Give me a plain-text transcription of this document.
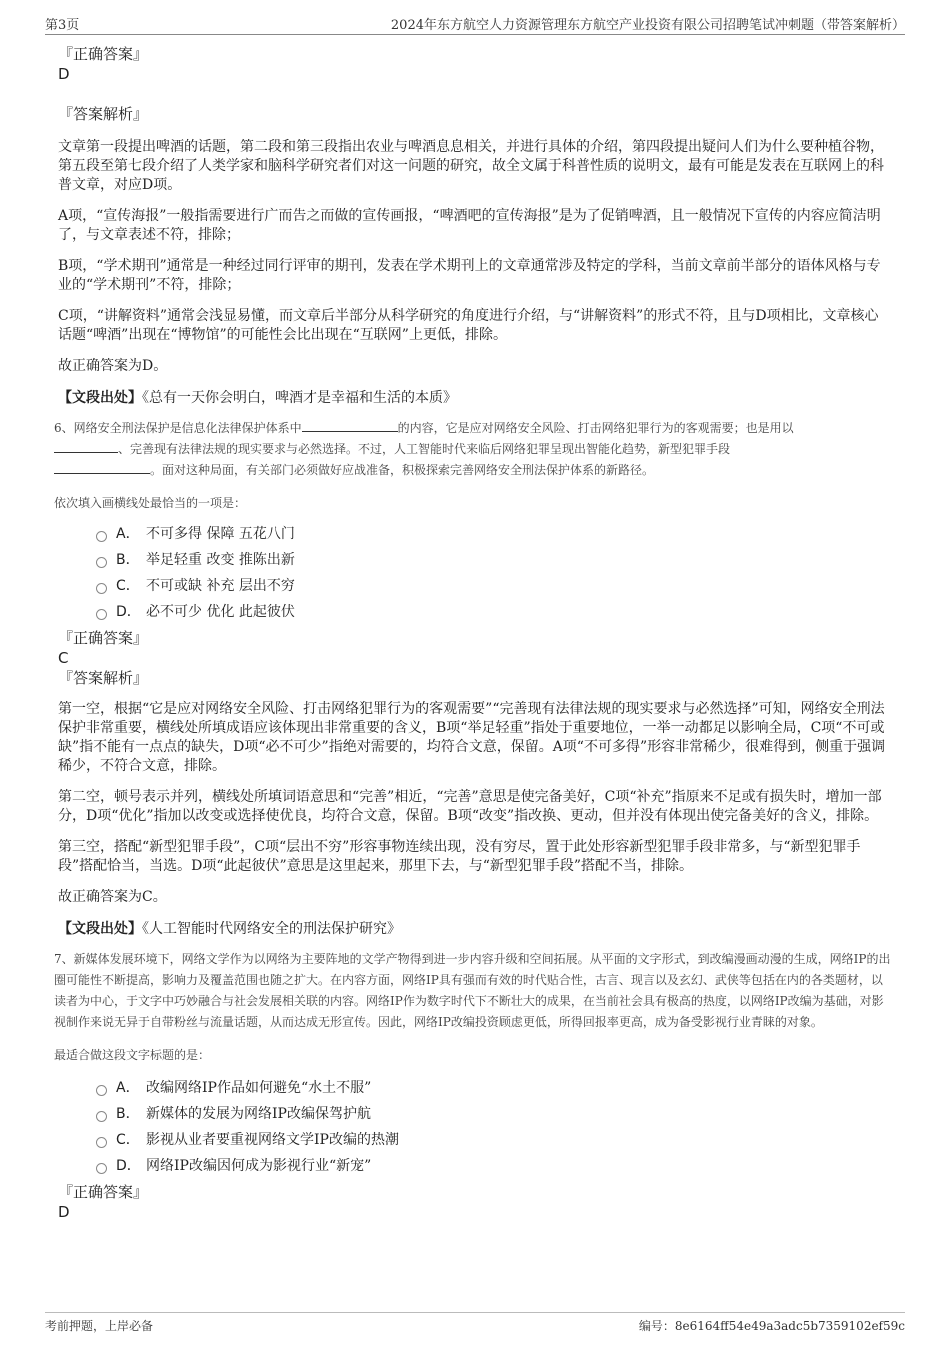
第3页	2024年东方航空人力资源管理东方航空产业投资有限公司招聘笔试冲刺题（带答案解析）
『正确答案』
D
『答案解析』

文章第一段提出啤酒的话题，第二段和第三段指出农业与啤酒息息相关，并进行具体的介绍，第四段提出疑问人们为什么要种植谷物，第五段至第七段介绍了人类学家和脑科学研究者们对这一问题的研究，故全文属于科普性质的说明文，最有可能是发表在互联网上的科普文章，对应D项。

A项，“宣传海报”一般指需要进行广而告之而做的宣传画报，“啤酒吧的宣传海报”是为了促销啤酒，且一般情况下宣传的内容应简洁明了，与文章表述不符，排除；

B项，“学术期刊”通常是一种经过同行评审的期刊，发表在学术期刊上的文章通常涉及特定的学科，当前文章前半部分的语体风格与专业的“学术期刊”不符，排除；

C项，“讲解资料”通常会浅显易懂，而文章后半部分从科学研究的角度进行介绍，与“讲解资料”的形式不符，且与D项相比，文章核心话题“啤酒”出现在“博物馆”的可能性会比出现在“互联网”上更低，排除。

故正确答案为D。

【文段出处】《总有一天你会明白，啤酒才是幸福和生活的本质》

6、网络安全刑法保护是信息化法律保护体系中	的内容，它是应对网络安全风险、打击网络犯罪行为的客观需要；也是用以
、完善现有法律法规的现实要求与必然选择。不过，人工智能时代来临后网络犯罪呈现出智能化趋势，新型犯罪手段
。面对这种局面，有关部门必须做好应战准备，积极探索完善网络安全刑法保护体系的新路径。

依次填入画横线处最恰当的一项是：

A． 不可多得 保障 五花八门
B． 举足轻重 改变 推陈出新
C． 不可或缺 补充 层出不穷
D． 必不可少 优化 此起彼伏
『正确答案』
C
『答案解析』

第一空，根据“它是应对网络安全风险、打击网络犯罪行为的客观需要”“完善现有法律法规的现实要求与必然选择”可知，网络安全刑法保护非常重要，横线处所填成语应该体现出非常重要的含义，B项“举足轻重”指处于重要地位，一举一动都足以影响全局，C项“不可或缺”指不能有一点点的缺失，D项“必不可少”指绝对需要的，均符合文意，保留。A项“不可多得”形容非常稀少，很难得到，侧重于强调稀少，不符合文意，排除。

第二空，顿号表示并列，横线处所填词语意思和“完善”相近，“完善”意思是使完备美好，C项“补充”指原来不足或有损失时，增加一部分，D项“优化”指加以改变或选择使优良，均符合文意，保留。B项“改变”指改换、更动，但并没有体现出使完备美好的含义，排除。

第三空，搭配“新型犯罪手段”，C项“层出不穷”形容事物连续出现，没有穷尽，置于此处形容新型犯罪手段非常多，与“新型犯罪手段”搭配恰当，当选。D项“此起彼伏”意思是这里起来，那里下去，与“新型犯罪手段”搭配不当，排除。

故正确答案为C。

【文段出处】《人工智能时代网络安全的刑法保护研究》

7、新媒体发展环境下，网络文学作为以网络为主要阵地的文学产物得到进一步内容升级和空间拓展。从平面的文字形式，到改编漫画动漫的生成，网络IP的出圈可能性不断提高，影响力及覆盖范围也随之扩大。在内容方面，网络IP具有强而有效的时代贴合性，古言、现言以及玄幻、武侠等包括在内的各类题材，以读者为中心，于文字中巧妙融合与社会发展相关联的内容。网络IP作为数字时代下不断壮大的成果，在当前社会具有极高的热度，以网络IP改编为基础，对影视制作来说无异于自带粉丝与流量话题，从而达成无形宣传。因此，网络IP改编投资顾虑更低，所得回报率更高，成为备受影视行业青睐的对象。

最适合做这段文字标题的是：

A． 改编网络IP作品如何避免“水土不服”
B． 新媒体的发展为网络IP改编保驾护航
C． 影视从业者要重视网络文学IP改编的热潮
D． 网络IP改编因何成为影视行业“新宠”
『正确答案』
D
考前押题，上岸必备	编号：8e6164ff54e49a3adc5b7359102ef59c
